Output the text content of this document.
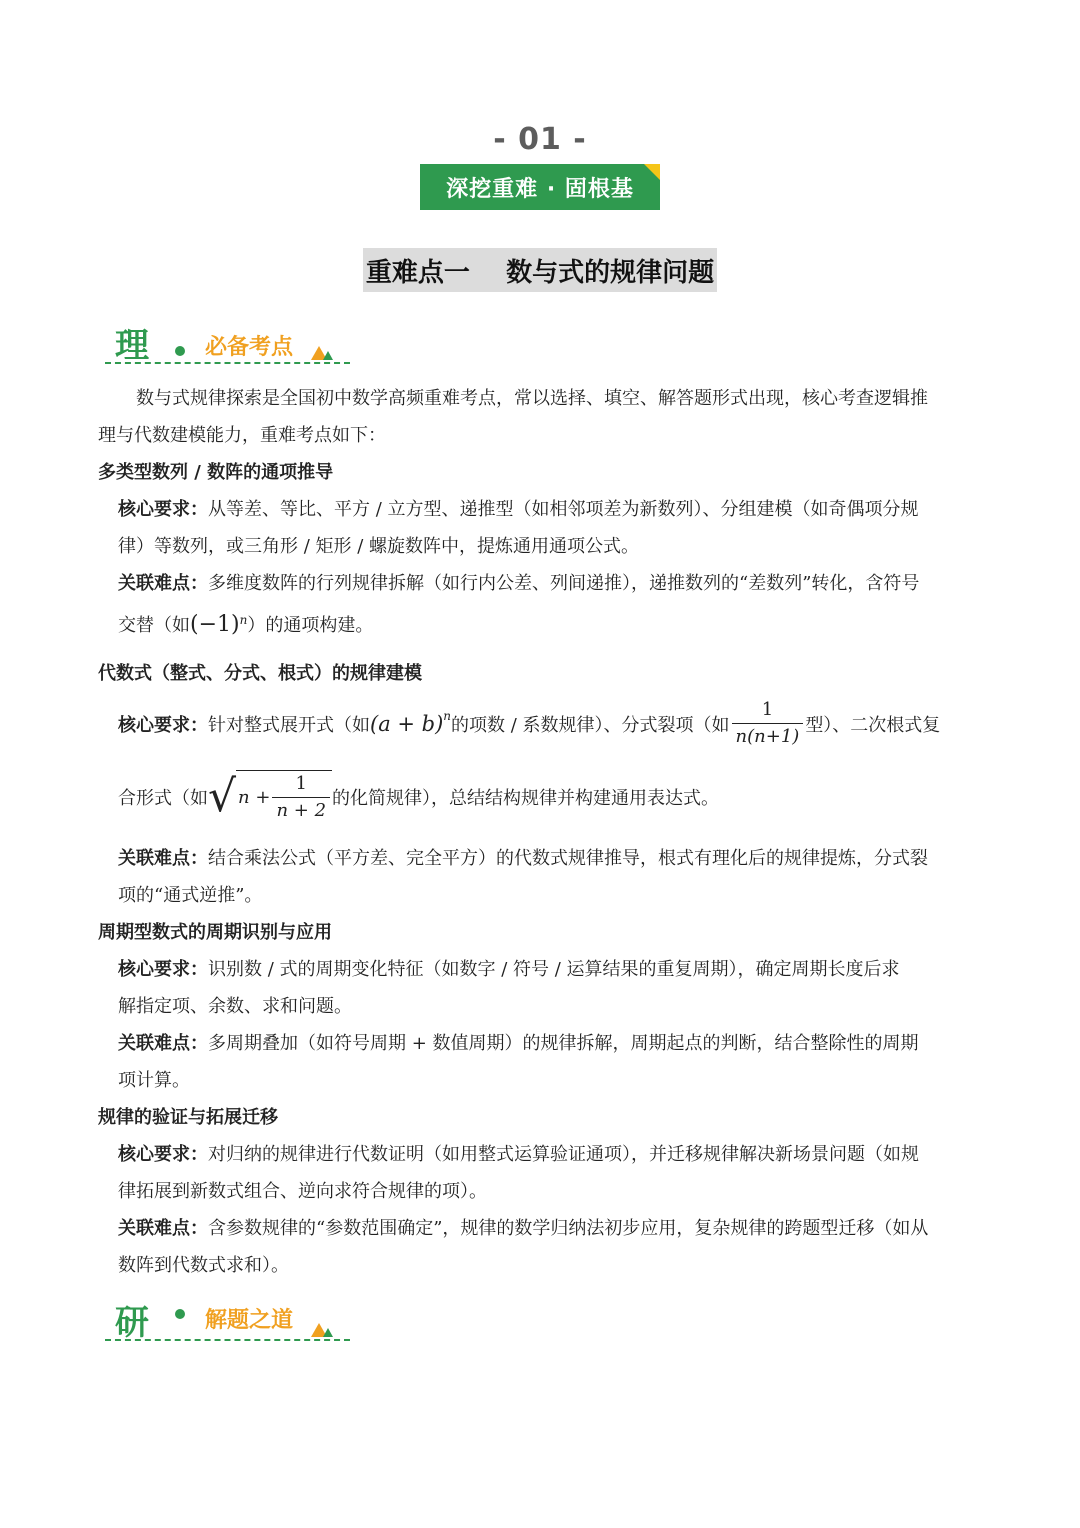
- 01 -
深挖重难 · 固根基
重难点一    数与式的规律问题
理	必备考点
数与式规律探索是全国初中数学高频重难考点，常以选择、填空、解答题形式出现，核心考查逻辑推
理与代数建模能力，重难考点如下：
多类型数列 / 数阵的通项推导
核心要求：从等差、等比、平方 / 立方型、递推型（如相邻项差为新数列）、分组建模（如奇偶项分规
律）等数列，或三角形 / 矩形 / 螺旋数阵中，提炼通用通项公式。
关联难点：多维度数阵的行列规律拆解（如行内公差、列间递推），递推数列的“差数列”转化，含符号
交替（如$(-1)^n$）的通项构建。
代数式（整式、分式、根式）的规律建模
核心要求： 针对整式展开式（如 $(a + b)^n$ 的项数 / 系数规律）、分式裂项（如 $\frac{1}{n(n+1)}$ 型）、二次根式复
合形式（如 √ $n + \frac{1}{n + 2}$ 的化简规律），总结结构规律并构建通用表达式。
关联难点：结合乘法公式（平方差、完全平方）的代数式规律推导，根式有理化后的规律提炼，分式裂
项的“通式逆推”。
周期型数式的周期识别与应用
核心要求：识别数 / 式的周期变化特征（如数字 / 符号 / 运算结果的重复周期），确定周期长度后求
解指定项、余数、求和问题。
关联难点：多周期叠加（如符号周期 + 数值周期）的规律拆解，周期起点的判断，结合整除性的周期
项计算。
规律的验证与拓展迁移
核心要求：对归纳的规律进行代数证明（如用整式运算验证通项），并迁移规律解决新场景问题（如规
律拓展到新数式组合、逆向求符合规律的项）。
关联难点：含参数规律的“参数范围确定”，规律的数学归纳法初步应用，复杂规律的跨题型迁移（如从
数阵到代数式求和）。
研	解题之道
